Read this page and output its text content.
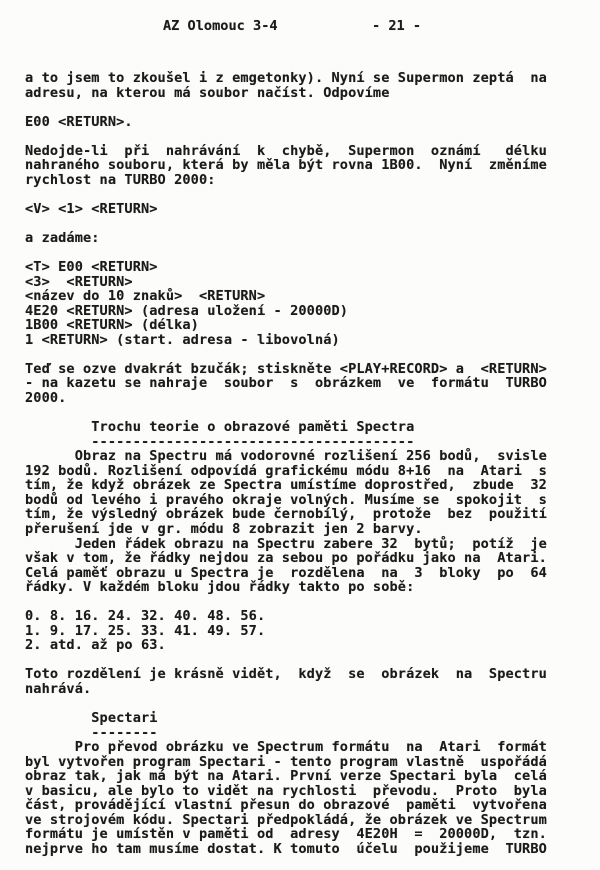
AZ Olomouc 3-4	- 21 -
a to jsem to zkoušel i z emgetonky). Nyní se Supermon zeptá  na
adresu, na kterou má soubor načíst. Odpovíme

E00 <RETURN>.

Nedojde-li  při  nahrávání  k  chybě,  Supermon  oznámí   délku
nahraného souboru, která by měla být rovna 1B00.  Nyní  změníme
rychlost na TURBO 2000:

<V> <1> <RETURN>

a zadáme:

<T> E00 <RETURN>
<3>  <RETURN>
<název do 10 znaků>  <RETURN>
4E20 <RETURN> (adresa uložení - 20000D)
1B00 <RETURN> (délka)
1 <RETURN> (start. adresa - libovolná)

Teď se ozve dvakrát bzučák; stiskněte <PLAY+RECORD> a  <RETURN>
- na kazetu se nahraje  soubor  s  obrázkem  ve  formátu  TURBO
2000.

Trochu teorie o obrazové paměti Spectra
---------------------------------------
Obraz na Spectru má vodorovné rozlišení 256 bodů,  svisle
192 bodů. Rozlišení odpovídá grafickému módu 8+16  na  Atari  s
tím, že když obrázek ze Spectra umístíme doprostřed,  zbude  32
bodů od levého i pravého okraje volných. Musíme se  spokojit  s
tím, že výsledný obrázek bude černobílý,  protože  bez  použití
přerušení jde v gr. módu 8 zobrazit jen 2 barvy.
Jeden řádek obrazu na Spectru zabere 32  bytů;  potíž  je
však v tom, že řádky nejdou za sebou po pořádku jako na  Atari.
Celá paměť obrazu u Spectra je  rozdělena  na  3  bloky  po  64
řádky. V každém bloku jdou řádky takto po sobě:

0. 8. 16. 24. 32. 40. 48. 56.
1. 9. 17. 25. 33. 41. 49. 57.
2. atd. až po 63.

Toto rozdělení je krásně vidět,  když  se  obrázek  na  Spectru
nahrává.

Spectari
--------
Pro převod obrázku ve Spectrum formátu  na  Atari  formát
byl vytvořen program Spectari - tento program vlastně  uspořádá
obraz tak, jak má být na Atari. První verze Spectari byla  celá
v basicu, ale bylo to vidět na rychlosti  převodu.  Proto  byla
část, provádějící vlastní přesun do obrazové  paměti  vytvořena
ve strojovém kódu. Spectari předpokládá, že obrázek ve Spectrum
formátu je umístěn v paměti od  adresy  4E20H  =  20000D,  tzn.
nejprve ho tam musíme dostat. K tomuto  účelu  použijeme  TURBO
